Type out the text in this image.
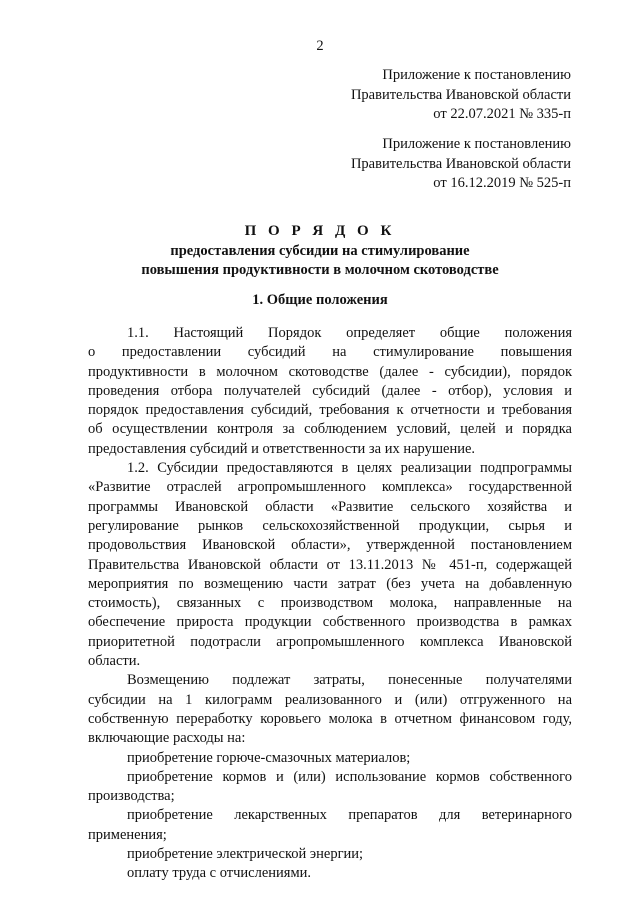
2
Приложение к постановлению
Правительства Ивановской области
от 22.07.2021 № 335-п
Приложение к постановлению
Правительства Ивановской области
от 16.12.2019 № 525-п
П О Р Я Д О К
предоставления субсидии на стимулирование
повышения продуктивности в молочном скотоводстве
1. Общие положения
1.1. Настоящий Порядок определяет общие положения
о предоставлении субсидий на стимулирование повышения
продуктивности в молочном скотоводстве (далее - субсидии), порядок
проведения отбора получателей субсидий (далее - отбор), условия и
порядок предоставления субсидий, требования к отчетности и требования
об осуществлении контроля за соблюдением условий, целей и порядка
предоставления субсидий и ответственности за их нарушение.
1.2. Субсидии предоставляются в целях реализации подпрограммы
«Развитие отраслей агропромышленного комплекса» государственной
программы Ивановской области «Развитие сельского хозяйства и
регулирование рынков сельскохозяйственной продукции, сырья и
продовольствия Ивановской области», утвержденной постановлением
Правительства Ивановской области от 13.11.2013 № 451-п, содержащей
мероприятия по возмещению части затрат (без учета на добавленную
стоимость), связанных с производством молока, направленные на
обеспечение прироста продукции собственного производства в рамках
приоритетной подотрасли агропромышленного комплекса Ивановской
области.
Возмещению подлежат затраты, понесенные получателями
субсидии на 1 килограмм реализованного и (или) отгруженного на
собственную переработку коровьего молока в отчетном финансовом году,
включающие расходы на:
приобретение горюче-смазочных материалов;
приобретение кормов и (или) использование кормов собственного
производства;
приобретение лекарственных препаратов для ветеринарного
применения;
приобретение электрической энергии;
оплату труда с отчислениями.
